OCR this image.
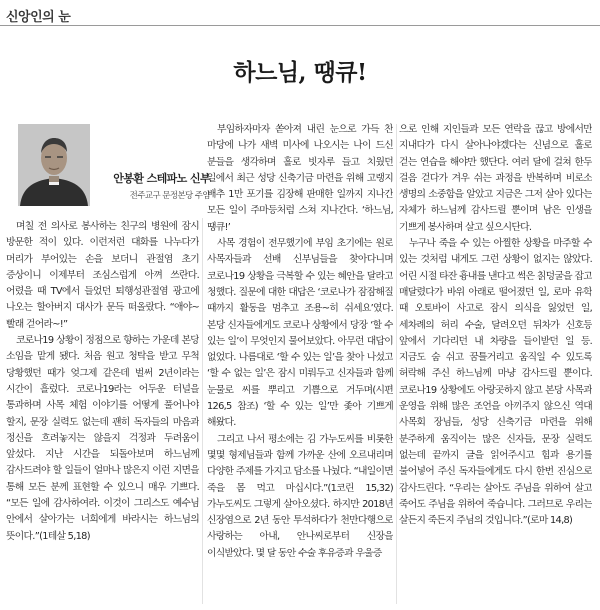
신앙인의 눈
하느님, 땡큐!
안봉환 스테파노 신부
전주교구 문정본당 주임

며칠 전 의사로 봉사하는 친구의 병원에 잠시 방문한 적이 있다. 이런저런 대화를 나누다가 머리가 부어있는 손을 보더니 관절염 초기 증상이니 이제부터 조심스럽게 아껴 쓰란다. 어렸을 때 TV에서 들었던 퇴행성관절염 광고에 나오는 할아버지 대사가 문득 떠올랐다. “애야~ 빨래 걷어라~!”

코로나19 상황이 정점으로 향하는 가운데 본당 소임을 맡게 됐다. 처음 원고 청탁을 받고 무척 당황했던 때가 엊그제 같은데 벌써 2년이라는 시간이 흘렀다. 코로나19라는 어두운 터널을 통과하며 사목 체험 이야기를 어떻게 풀어나야 할지, 문장 실력도 없는데 괜히 독자들의 마음과 정신을 흐려놓지는 않을지 걱정과 두려움이 앞섰다. 지난 시간을 되돌아보며 하느님께 감사드려야 할 일들이 얼마나 많은지 이런 지면을 통해 모든 분께 표현할 수 있으니 매우 기쁘다. “모든 일에 감사하여라. 이것이 그리스도 예수님 안에서 살아가는 너희에게 바라시는 하느님의 뜻이다.”(1테살 5,18)

부임하자마자 쏟아져 내린 눈으로 가득 찬 마당에 나가 새벽 미사에 나오시는 나이 드신 분들을 생각하며 홀로 빗자루 들고 치웠던 일에서 최근 성당 신축기금 마련을 위해 고랭지 배추 1만 포기를 김장해 판매한 일까지 지나간 모든 일이 주마등처럼 스쳐 지나간다. ‘하느님, 땡큐!’

사목 경험이 전무했기에 부임 초기에는 원로 사목자들과 선배 신부님들을 찾아다니며 코로나19 상황을 극복할 수 있는 혜안을 달라고 청했다. 질문에 대한 대답은 ‘코로나가 잠잠해질 때까지 활동을 멈추고 조용~히 쉬세요’였다. 본당 신자들에게도 코로나 상황에서 당장 ‘할 수 있는 일’이 무엇인지 물어보았다. 아무런 대답이 없었다. 나름대로 ‘할 수 있는 일’을 찾아 나섰고 ‘할 수 없는 일’은 잠시 미뤄두고 신자들과 함께 눈물로 씨를 뿌리고 기쁨으로 거두며(시편 126,5 참조) ‘할 수 있는 일’만 좇아 기쁘게 해왔다.

그리고 나서 평소에는 김 가누도씨를 비롯한 몇몇 형제님들과 함께 가까운 산에 오르내리며 다양한 주제를 가지고 담소를 나눴다. “내일이면 죽을 몸 먹고 마십시다.”(1코린 15,32) 가누도씨도 그렇게 살아오셨다. 하지만 2018년 신장염으로 2년 동안 투석하다가 천만다행으로 사랑하는 아내, 안나씨로부터 신장을 이식받았다. 몇 달 동안 수술 후유증과 우울증

으로 인해 지인들과 모든 연락을 끊고 방에서만 지내다가 다시 살아나야겠다는 신념으로 홀로 걷는 연습을 해야만 했단다. 여러 달에 걸쳐 한두 걸음 걷다가 겨우 쉬는 과정을 반복하며 비로소 생명의 소중함을 알았고 지금은 그저 살아 있다는 자체가 하느님께 감사드릴 뿐이며 남은 인생을 기쁘게 봉사하며 살고 싶으시단다.

누구나 죽을 수 있는 아찔한 상황을 마주할 수 있는 것처럼 내게도 그런 상황이 없지는 않았다. 어린 시절 타잔 흉내를 낸다고 썩은 칡덩굴을 잡고 매달렸다가 바위 아래로 떨어졌던 일, 로마 유학 때 오토바이 사고로 잠시 의식을 잃었던 일, 세차례의 허리 수술, 달려오던 뒤차가 신호등 앞에서 기다리던 내 차량을 들이받던 일 등. 지금도 숨 쉬고 꿈틀거리고 움직일 수 있도록 허락해 주신 하느님께 마냥 감사드릴 뿐이다. 코로나19 상황에도 아랑곳하지 않고 본당 사목과 운영을 위해 많은 조언을 아끼주지 않으신 역대 사목회 장님들, 성당 신축기금 마련을 위해 분주하게 움직이는 많은 신자들, 문장 실력도 없는데 끝까지 글을 읽어주시고 힘과 용기를 불어넣어 주신 독자들에게도 다시 한번 진심으로 감사드린다. “우리는 살아도 주님을 위하여 살고 죽어도 주님을 위하여 죽습니다. 그러므로 우리는 살든지 죽든지 주님의 것입니다.”(로마 14,8)
